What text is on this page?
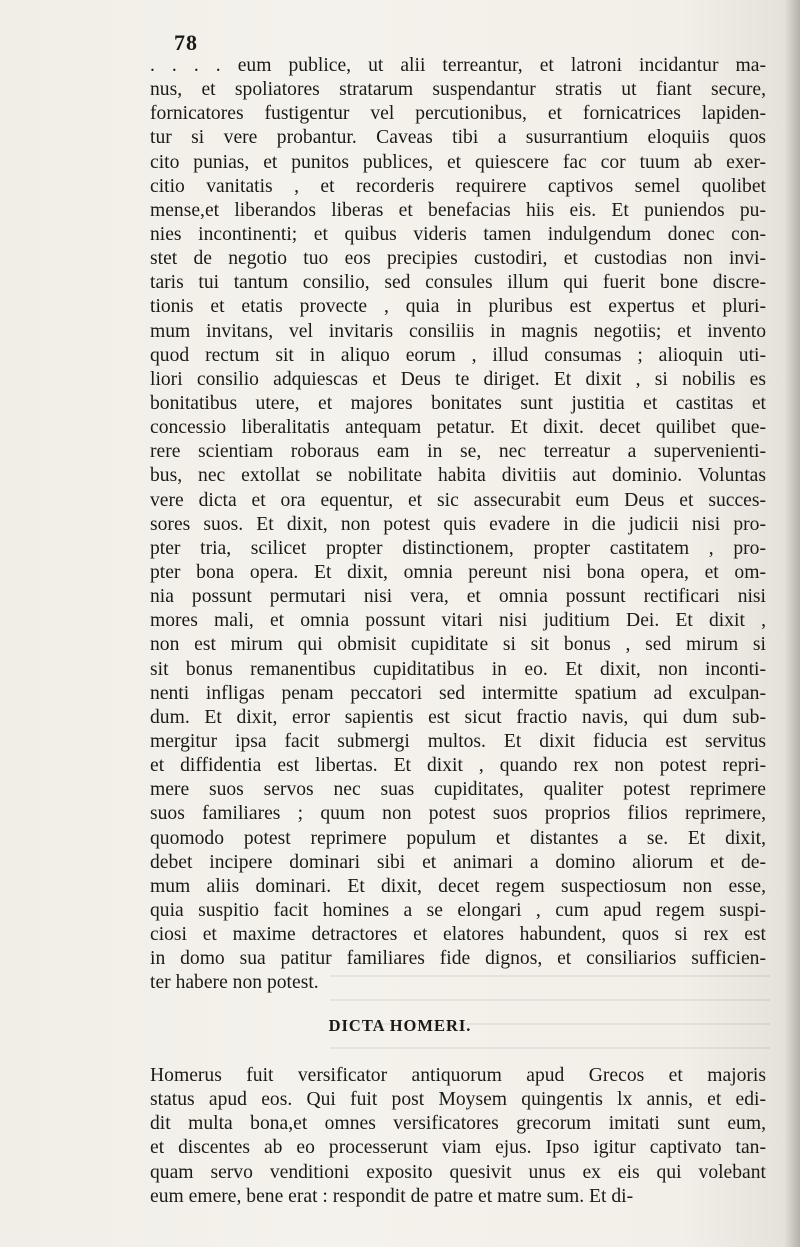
78
. . . . eum publice, ut alii terreantur, et latroni incidantur ma-
nus, et spoliatores stratarum suspendantur stratis ut fiant secure,
fornicatores fustigentur vel percutionibus, et fornicatrices lapiden-
tur si vere probantur. Caveas tibi a susurrantium eloquiis quos
cito punias, et punitos publices, et quiescere fac cor tuum ab exer-
citio vanitatis , et recorderis requirere captivos semel quolibet
mense,et liberandos liberas et benefacias hiis eis. Et puniendos pu-
nies incontinenti; et quibus videris tamen indulgendum donec con-
stet de negotio tuo eos precipies custodiri, et custodias non invi-
taris tui tantum consilio, sed consules illum qui fuerit bone discre-
tionis et etatis provecte , quia in pluribus est expertus et pluri-
mum invitans, vel invitaris consiliis in magnis negotiis; et invento
quod rectum sit in aliquo eorum , illud consumas ; alioquin uti-
liori consilio adquiescas et Deus te diriget. Et dixit , si nobilis es
bonitatibus utere, et majores bonitates sunt justitia et castitas et
concessio liberalitatis antequam petatur. Et dixit. decet quilibet que-
rere scientiam roboraus eam in se, nec terreatur a supervenienti-
bus, nec extollat se nobilitate habita divitiis aut dominio. Voluntas
vere dicta et ora equentur, et sic assecurabit eum Deus et succes-
sores suos. Et dixit, non potest quis evadere in die judicii nisi pro-
pter tria, scilicet propter distinctionem, propter castitatem , pro-
pter bona opera. Et dixit, omnia pereunt nisi bona opera, et om-
nia possunt permutari nisi vera, et omnia possunt rectificari nisi
mores mali, et omnia possunt vitari nisi juditium Dei. Et dixit ,
non est mirum qui obmisit cupiditate si sit bonus , sed mirum si
sit bonus remanentibus cupiditatibus in eo. Et dixit, non inconti-
nenti infligas penam peccatori sed intermitte spatium ad exculpan-
dum. Et dixit, error sapientis est sicut fractio navis, qui dum sub-
mergitur ipsa facit submergi multos. Et dixit fiducia est servitus
et diffidentia est libertas. Et dixit , quando rex non potest repri-
mere suos servos nec suas cupiditates, qualiter potest reprimere
suos familiares ; quum non potest suos proprios filios reprimere,
quomodo potest reprimere populum et distantes a se. Et dixit,
debet incipere dominari sibi et animari a domino aliorum et de-
mum aliis dominari. Et dixit, decet regem suspectiosum non esse,
quia suspitio facit homines a se elongari , cum apud regem suspi-
ciosi et maxime detractores et elatores habundent, quos si rex est
in domo sua patitur familiares fide dignos, et consiliarios sufficien-
ter habere non potest.
DICTA HOMERI.
Homerus fuit versificator antiquorum apud Grecos et majoris
status apud eos. Qui fuit post Moysem quingentis lx annis, et edi-
dit multa bona,et omnes versificatores grecorum imitati sunt eum,
et discentes ab eo processerunt viam ejus. Ipso igitur captivato tan-
quam servo venditioni exposito quesivit unus ex eis qui volebant
eum emere, bene erat : respondit de patre et matre sum. Et di-
